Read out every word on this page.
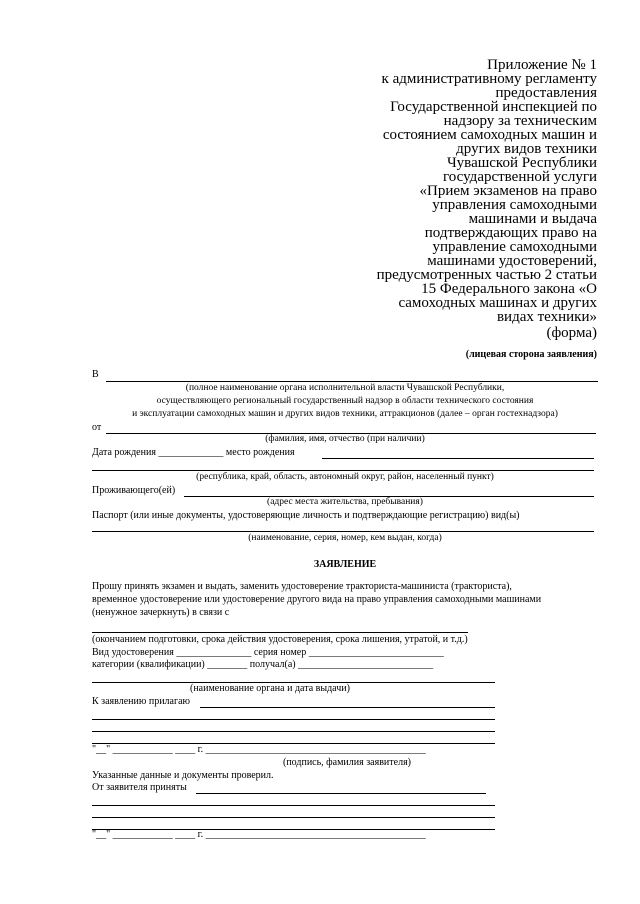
Приложение № 1
к административному регламенту
предоставления
Государственной инспекцией по
надзору за техническим
состоянием самоходных машин и
других видов техники
Чувашской Республики
государственной услуги
«Прием экзаменов на право
управления самоходными
машинами и выдача
подтверждающих право на
управление самоходными
машинами удостоверений,
предусмотренных частью 2 статьи
15 Федерального закона «О
самоходных машинах и других
видах техники»
(форма)
(лицевая сторона заявления)
В
(полное наименование органа исполнительной власти Чувашской Республики,
осуществляющего региональный государственный надзор в области технического состояния
и эксплуатации самоходных машин и других видов техники, аттракционов (далее – орган гостехнадзора)
от
(фамилия, имя, отчество (при наличии)
Дата рождения _____________ место рождения
(республика, край, область, автономный округ, район, населенный пункт)
Проживающего(ей)
(адрес места жительства, пребывания)
Паспорт (или иные документы, удостоверяющие личность и подтверждающие регистрацию) вид(ы)
(наименование, серия, номер, кем выдан, когда)
ЗАЯВЛЕНИЕ
Прошу принять экзамен и выдать, заменить удостоверение тракториста-машиниста (тракториста),
временное удостоверение или удостоверение другого вида на право управления самоходными машинами
(ненужное зачеркнуть) в связи с
(окончанием подготовки, срока действия удостоверения, срока лишения, утратой, и т.д.)
Вид удостоверения _______________ серия номер ___________________________
категории (квалификации) ________ получал(а) ___________________________
(наименование органа и дата выдачи)
К заявлению прилагаю
"__" ____________ ____ г. ____________________________________________
(подпись, фамилия заявителя)
Указанные данные и документы проверил.
От заявителя приняты
"__" ____________ ____ г. ____________________________________________
